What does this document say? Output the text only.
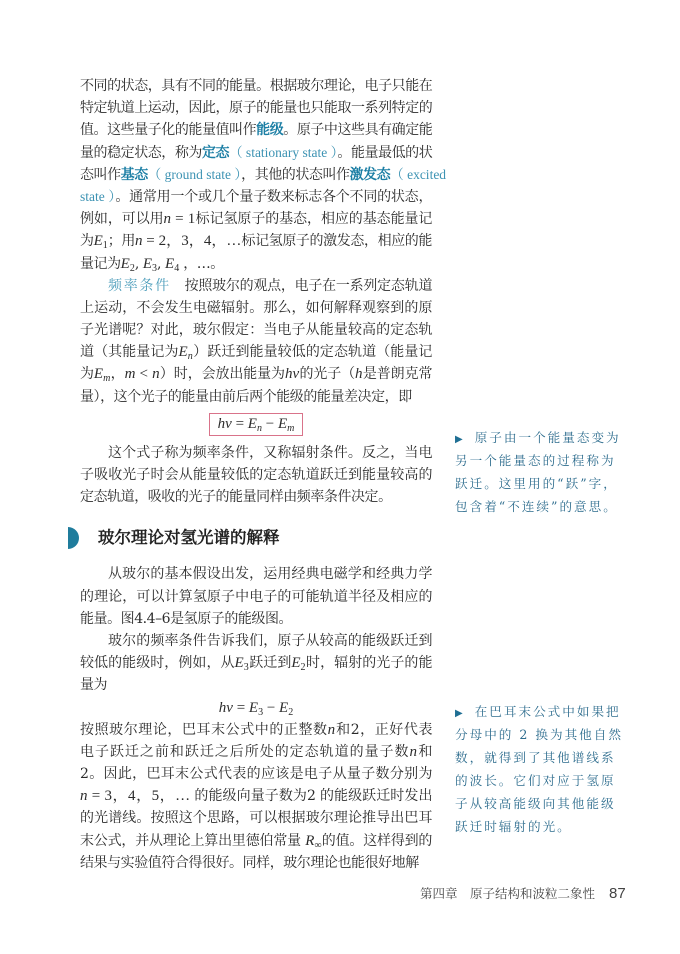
不同的状态，具有不同的能量。根据玻尔理论，电子只能在
特定轨道上运动，因此，原子的能量也只能取一系列特定的
值。这些量子化的能量值叫作能级。原子中这些具有确定能
量的稳定状态，称为定态（ stationary state ）。能量最低的状
态叫作基态（ ground state ），其他的状态叫作激发态（ excited
state ）。通常用一个或几个量子数来标志各个不同的状态，
例如，可以用n = 1标记氢原子的基态，相应的基态能量记
为$E_1$；用n = 2，3，4，…标记氢原子的激发态，相应的能
量记为$E_2$, $E_3$, $E_4$ ，…。
频率条件　按照玻尔的观点，电子在一系列定态轨道
上运动，不会发生电磁辐射。那么，如何解释观察到的原
子光谱呢？对此，玻尔假定：当电子从能量较高的定态轨
道（其能量记为$E_n$）跃迁到能量较低的定态轨道（能量记
为$E_m$，m < n）时，会放出能量为hν的光子（h是普朗克常
量），这个光子的能量由前后两个能级的能量差决定，即
$h\nu = E_n - E_m$
这个式子称为频率条件，又称辐射条件。反之，当电
子吸收光子时会从能量较低的定态轨道跃迁到能量较高的
定态轨道，吸收的光子的能量同样由频率条件决定。
玻尔理论对氢光谱的解释
从玻尔的基本假设出发，运用经典电磁学和经典力学
的理论，可以计算氢原子中电子的可能轨道半径及相应的
能量。图4.4–6是氢原子的能级图。
玻尔的频率条件告诉我们，原子从较高的能级跃迁到
较低的能级时，例如，从$E_3$跃迁到$E_2$时，辐射的光子的能
量为
$h\nu = E_3 - E_2$
按照玻尔理论，巴耳末公式中的正整数n和2，正好代表
电子跃迁之前和跃迁之后所处的定态轨道的量子数n和
2。因此，巴耳末公式代表的应该是电子从量子数分别为
n = 3，4，5，… 的能级向量子数为2 的能级跃迁时发出
的光谱线。按照这个思路，可以根据玻尔理论推导出巴耳
末公式，并从理论上算出里德伯常量 $R_\infty$的值。这样得到的
结果与实验值符合得很好。同样，玻尔理论也能很好地解
▶ 原子由一个能量态变为
另一个能量态的过程称为
跃迁。这里用的“跃”字，
包含着“不连续”的意思。
▶ 在巴耳末公式中如果把
分母中的 2 换为其他自然
数，就得到了其他谱线系
的波长。它们对应于氢原
子从较高能级向其他能级
跃迁时辐射的光。
第四章　原子结构和波粒二象性 87
